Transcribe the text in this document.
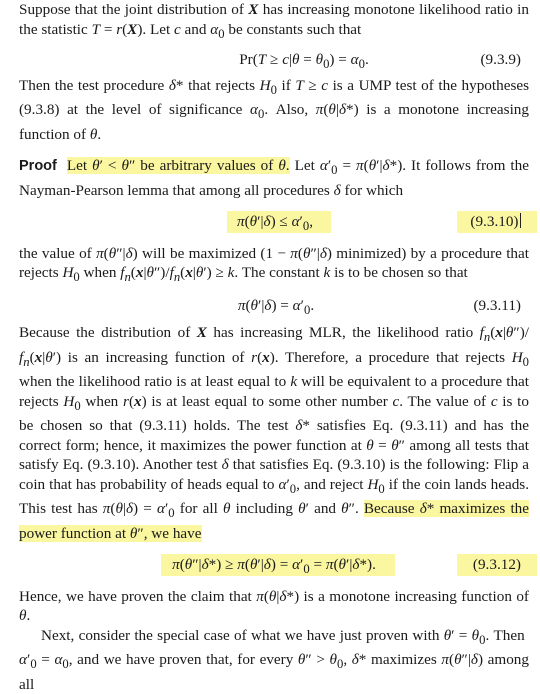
Suppose that the joint distribution of X has increasing monotone likelihood ratio in the statistic T = r(X). Let c and $\alpha_0$ be constants such that

$Pr(T \ge c|\theta = \theta_0) = \alpha_0$.	(9.3.9)

Then the test procedure δ* that rejects $H_0$ if T ≥ c is a UMP test of the hypotheses (9.3.8) at the level of significance $\alpha_0$. Also, π(θ|δ*) is a monotone increasing function of θ.

Proof Let θ′ < θ″ be arbitrary values of θ. Let $\alpha'_0 = \pi(\theta'|\delta*)$. It follows from the Nayman-Pearson lemma that among all procedures δ for which

$\pi(\theta'|\delta) \le \alpha'_0$,	(9.3.10)

the value of π(θ″|δ) will be maximized (1 − π(θ″|δ) minimized) by a procedure that rejects $H_0$ when $f_n(x|\theta'')/f_n(x|\theta') \ge k$. The constant k is to be chosen so that

$\pi(\theta'|\delta) = \alpha'_0$.	(9.3.11)

Because the distribution of X has increasing MLR, the likelihood ratio $f_n(x|\theta'')/$ $f_n(x|\theta')$ is an increasing function of r(x). Therefore, a procedure that rejects $H_0$ when the likelihood ratio is at least equal to k will be equivalent to a procedure that rejects $H_0$ when r(x) is at least equal to some other number c. The value of c is to be chosen so that (9.3.11) holds. The test δ* satisfies Eq. (9.3.11) and has the correct form; hence, it maximizes the power function at θ = θ″ among all tests that satisfy Eq. (9.3.10). Another test δ that satisfies Eq. (9.3.10) is the following: Flip a coin that has probability of heads equal to $\alpha'_0$, and reject $H_0$ if the coin lands heads. This test has $\pi(\theta|\delta) = \alpha'_0$ for all θ including θ′ and θ″. Because δ* maximizes the power function at θ″, we have

$\pi(\theta''|\delta*) \ge \pi(\theta'|\delta) = \alpha'_0 = \pi(\theta'|\delta*)$.	(9.3.12)

Hence, we have proven the claim that π(θ|δ*) is a monotone increasing function of θ.

Next, consider the special case of what we have just proven with $\theta' = \theta_0$. Then $\alpha'_0 = \alpha_0$, and we have proven that, for every $\theta'' > \theta_0$, δ* maximizes π(θ″|δ) among all
